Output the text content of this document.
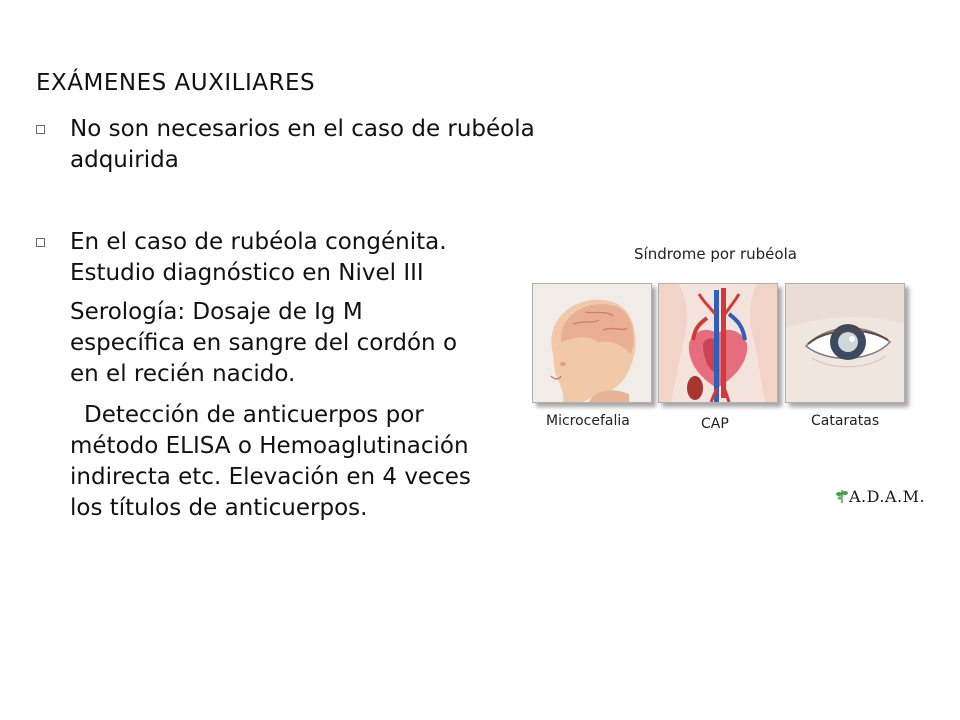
EXÁMENES AUXILIARES
No son necesarios en el caso de rubéola adquirida
En el caso de rubéola congénita. Estudio diagnóstico en Nivel III
Serología: Dosaje de Ig M
específica en sangre del cordón o
en el recién nacido.
Detección de anticuerpos por
método ELISA o Hemoaglutinación
indirecta etc. Elevación en 4 veces
los títulos de anticuerpos.
Síndrome por rubéola
Microcefalia	CAP	Cataratas
A.D.A.M.
